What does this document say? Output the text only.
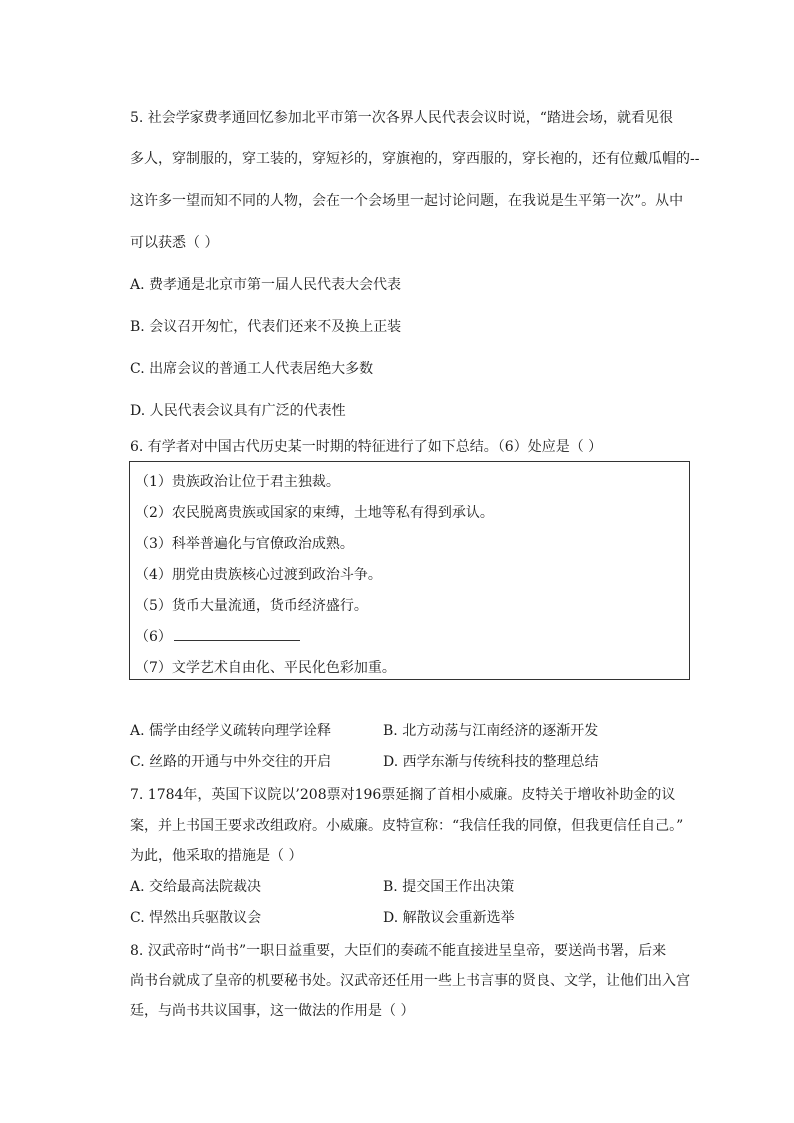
5. 社会学家费孝通回忆参加北平市第一次各界人民代表会议时说，“踏进会场，就看见很
多人，穿制服的，穿工装的，穿短衫的，穿旗袍的，穿西服的，穿长袍的，还有位戴瓜帽的--
这许多一望而知不同的人物，会在一个会场里一起讨论问题，在我说是生平第一次”。从中
可以获悉（ ）
A. 费孝通是北京市第一届人民代表大会代表
B. 会议召开匆忙，代表们还来不及换上正装
C. 出席会议的普通工人代表居绝大多数
D. 人民代表会议具有广泛的代表性
6. 有学者对中国古代历史某一时期的特征进行了如下总结。（6）处应是（ ）
（1）贵族政治让位于君主独裁。
（2）农民脱离贵族或国家的束缚，土地等私有得到承认。
（3）科举普遍化与官僚政治成熟。
（4）朋党由贵族核心过渡到政治斗争。
（5）货币大量流通，货币经济盛行。
（6）
（7）文学艺术自由化、平民化色彩加重。
A. 儒学由经学义疏转向理学诠释	B. 北方动荡与江南经济的逐渐开发
C. 丝路的开通与中外交往的开启	D. 西学东渐与传统科技的整理总结
7. 1784年，英国下议院以’208票对196票延搁了首相小威廉。皮特关于增收补助金的议
案，并上书国王要求改组政府。小威廉。皮特宣称：“我信任我的同僚，但我更信任自己。”
为此，他采取的措施是（ ）
A. 交给最高法院裁决	B. 提交国王作出决策
C. 悍然出兵驱散议会	D. 解散议会重新选举
8. 汉武帝时“尚书”一职日益重要，大臣们的奏疏不能直接进呈皇帝，要送尚书署，后来
尚书台就成了皇帝的机要秘书处。汉武帝还任用一些上书言事的贤良、文学，让他们出入宫
廷，与尚书共议国事，这一做法的作用是（ ）
